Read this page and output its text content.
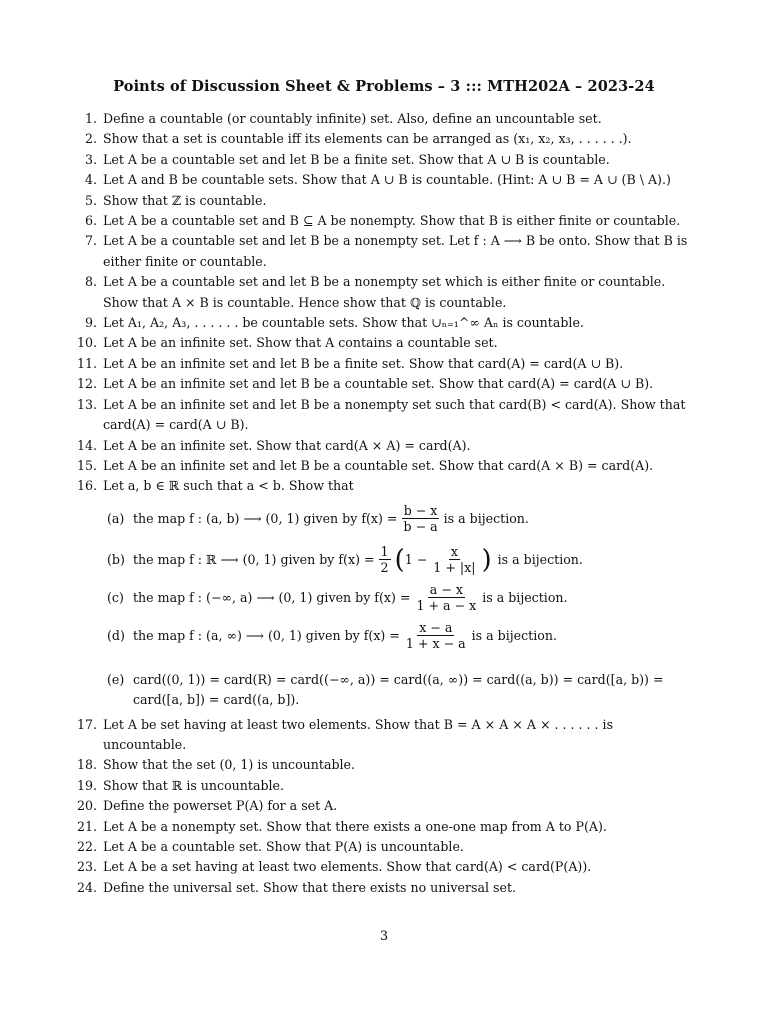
Points of Discussion Sheet & Problems – 3 ::: MTH202A – 2023-24
1. Define a countable (or countably infinite) set. Also, define an uncountable set.
2. Show that a set is countable iff its elements can be arranged as (x₁, x₂, x₃, . . . . . .).
3. Let A be a countable set and let B be a finite set. Show that A ∪ B is countable.
4. Let A and B be countable sets. Show that A ∪ B is countable. (Hint: A ∪ B = A ∪ (B \ A).)
5. Show that ℤ is countable.
6. Let A be a countable set and B ⊆ A be nonempty. Show that B is either finite or countable.
7. Let A be a countable set and let B be a nonempty set. Let f : A ⟶ B be onto. Show that B is either finite or countable.
8. Let A be a countable set and let B be a nonempty set which is either finite or countable. Show that A × B is countable. Hence show that ℚ is countable.
9. Let A₁, A₂, A₃, . . . . . . be countable sets. Show that ∪ₙ₌₁^∞ Aₙ is countable.
10. Let A be an infinite set. Show that A contains a countable set.
11. Let A be an infinite set and let B be a finite set. Show that card(A) = card(A ∪ B).
12. Let A be an infinite set and let B be a countable set. Show that card(A) = card(A ∪ B).
13. Let A be an infinite set and let B be a nonempty set such that card(B) < card(A). Show that card(A) = card(A ∪ B).
14. Let A be an infinite set. Show that card(A × A) = card(A).
15. Let A be an infinite set and let B be a countable set. Show that card(A × B) = card(A).
16. Let a, b ∈ ℝ such that a < b. Show that
(a) the map f : (a, b) ⟶ (0, 1) given by $f(x) = \frac{b - x}{b - a}$ is a bijection.
(b) the map f : ℝ ⟶ (0, 1) given by $f(x) = \frac{1}{2}$ ( $1 - \frac{x}{1 + |x|}$ ) is a bijection.
(c) the map f : (−∞, a) ⟶ (0, 1) given by $f(x) = \frac{a - x}{1 + a - x}$ is a bijection.
(d) the map f : (a, ∞) ⟶ (0, 1) given by $f(x) = \frac{x - a}{1 + x - a}$ is a bijection.
(e) card((0, 1)) = card(R) = card((−∞, a)) = card((a, ∞)) = card((a, b)) = card([a, b)) = card([a, b]) = card((a, b]).
17. Let A be set having at least two elements. Show that B = A × A × A × . . . . . . is uncountable.
18. Show that the set (0, 1) is uncountable.
19. Show that ℝ is uncountable.
20. Define the powerset P(A) for a set A.
21. Let A be a nonempty set. Show that there exists a one-one map from A to P(A).
22. Let A be a countable set. Show that P(A) is uncountable.
23. Let A be a set having at least two elements. Show that card(A) < card(P(A)).
24. Define the universal set. Show that there exists no universal set.
3
